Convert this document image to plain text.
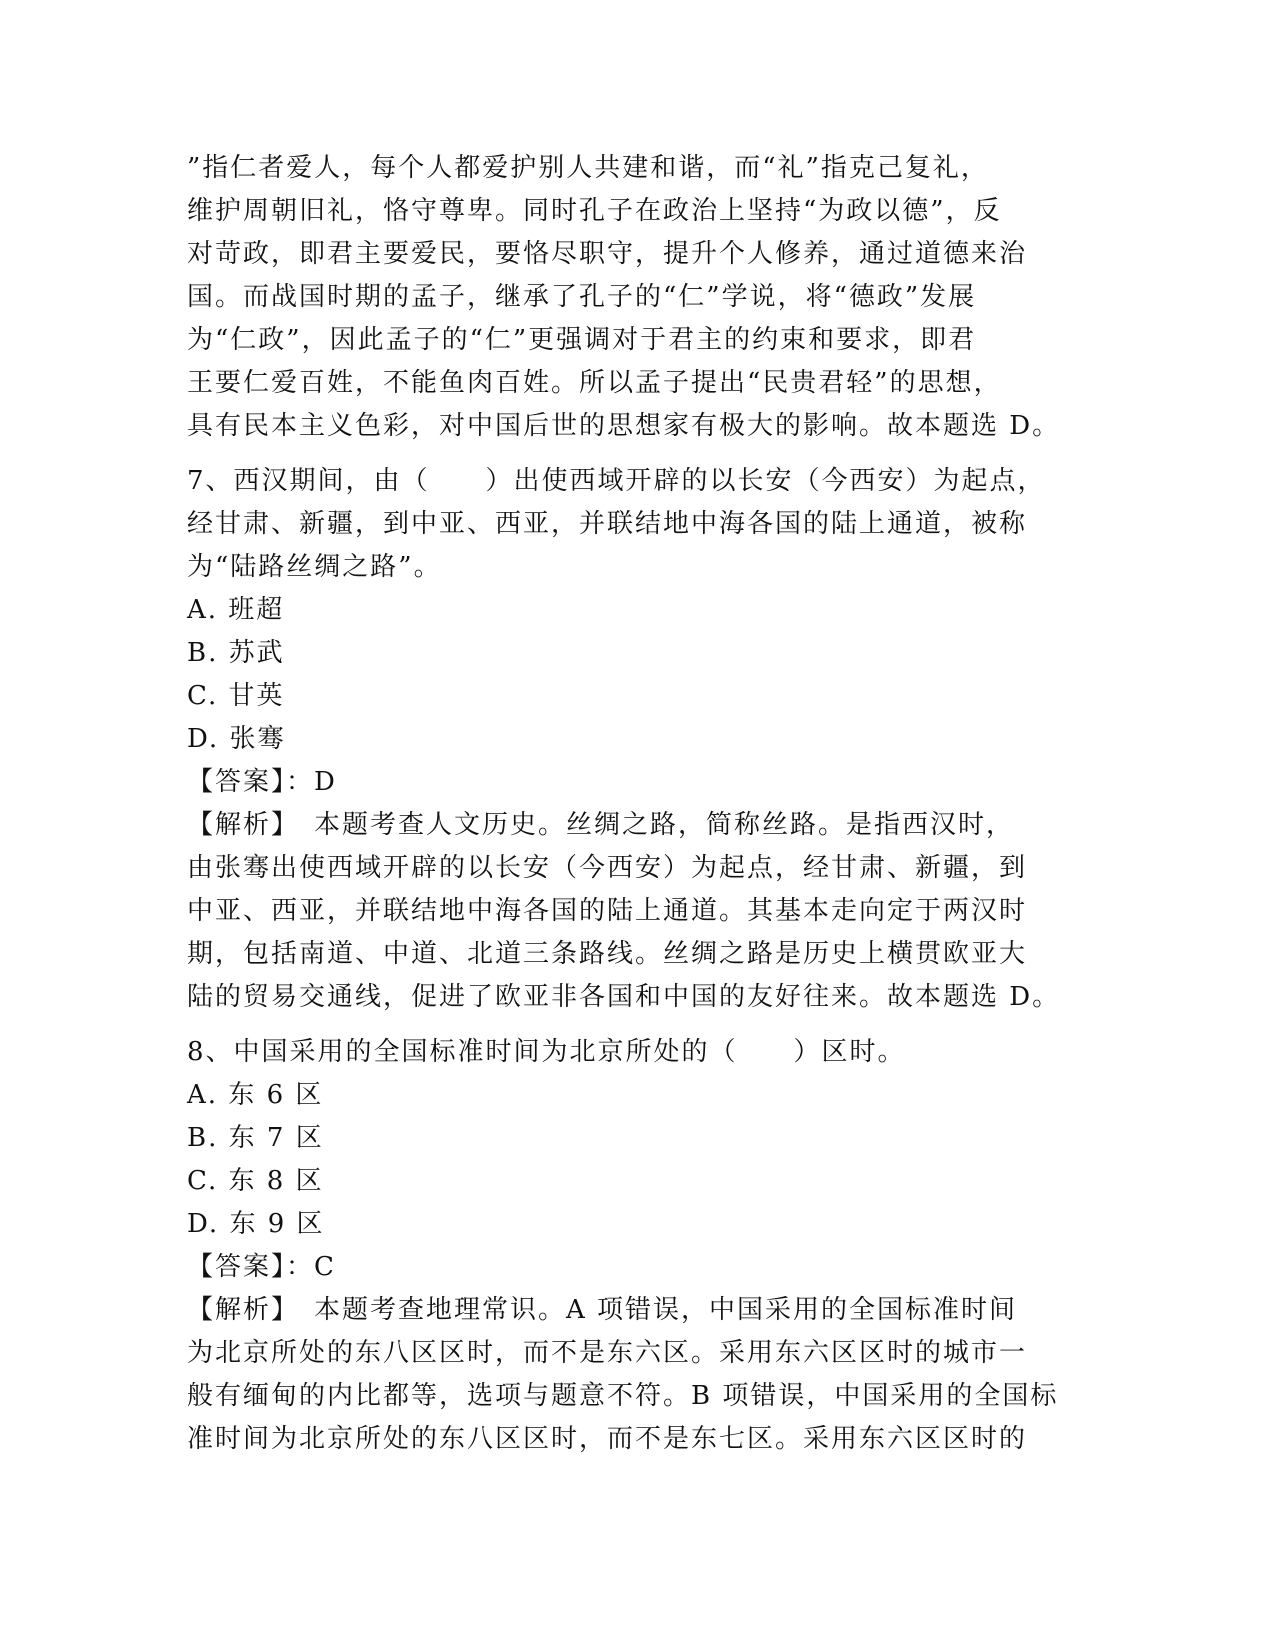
”指仁者爱人，每个人都爱护别人共建和谐，而“礼”指克己复礼，
维护周朝旧礼，恪守尊卑。同时孔子在政治上坚持“为政以德”，反
对苛政，即君主要爱民，要恪尽职守，提升个人修养，通过道德来治
国。而战国时期的孟子，继承了孔子的“仁”学说，将“德政”发展
为“仁政”，因此孟子的“仁”更强调对于君主的约束和要求，即君
王要仁爱百姓，不能鱼肉百姓。所以孟子提出“民贵君轻”的思想，
具有民本主义色彩，对中国后世的思想家有极大的影响。故本题选 D。
7、西汉期间，由（　　）出使西域开辟的以长安（今西安）为起点，
经甘肃、新疆，到中亚、西亚，并联结地中海各国的陆上通道，被称
为“陆路丝绸之路”。
A. 班超
B. 苏武
C. 甘英
D. 张骞
【答案】：D
【解析】　本题考查人文历史。丝绸之路，简称丝路。是指西汉时，
由张骞出使西域开辟的以长安（今西安）为起点，经甘肃、新疆，到
中亚、西亚，并联结地中海各国的陆上通道。其基本走向定于两汉时
期，包括南道、中道、北道三条路线。丝绸之路是历史上横贯欧亚大
陆的贸易交通线，促进了欧亚非各国和中国的友好往来。故本题选 D。
8、中国采用的全国标准时间为北京所处的（　　）区时。
A. 东 6 区
B. 东 7 区
C. 东 8 区
D. 东 9 区
【答案】：C
【解析】　本题考查地理常识。A 项错误，中国采用的全国标准时间
为北京所处的东八区区时，而不是东六区。采用东六区区时的城市一
般有缅甸的内比都等，选项与题意不符。B 项错误，中国采用的全国标
准时间为北京所处的东八区区时，而不是东七区。采用东六区区时的
